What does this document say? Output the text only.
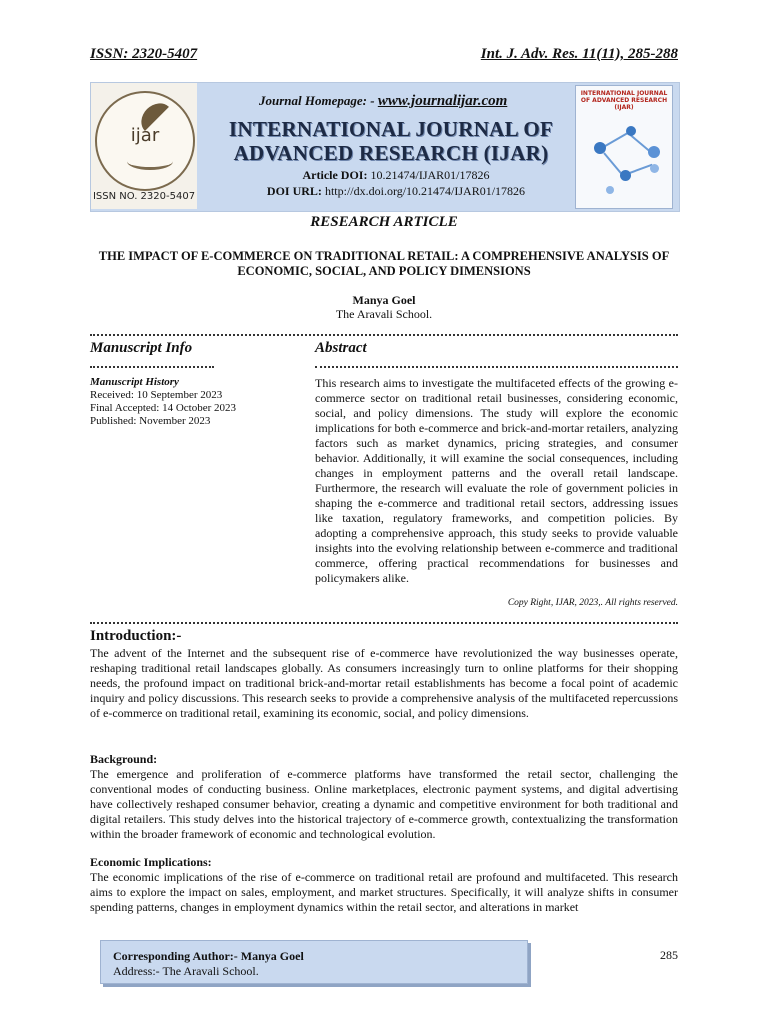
ISSN: 2320-5407	Int. J. Adv. Res. 11(11), 285-288
ijar
ISSN NO. 2320-5407
Journal Homepage: - www.journalijar.com
INTERNATIONAL JOURNAL OF ADVANCED RESEARCH (IJAR)
Article DOI: 10.21474/IJAR01/17826
DOI URL: http://dx.doi.org/10.21474/IJAR01/17826
INTERNATIONAL JOURNAL OF ADVANCED RESEARCH (IJAR)
RESEARCH ARTICLE
THE IMPACT OF E-COMMERCE ON TRADITIONAL RETAIL: A COMPREHENSIVE ANALYSIS OF ECONOMIC, SOCIAL, AND POLICY DIMENSIONS
Manya Goel
The Aravali School.
Manuscript Info
Manuscript History
Received: 10 September 2023
Final Accepted: 14 October 2023
Published: November 2023
Abstract
This research aims to investigate the multifaceted effects of the growing e-commerce sector on traditional retail businesses, considering economic, social, and policy dimensions. The study will explore the economic implications for both e-commerce and brick-and-mortar retailers, analyzing factors such as market dynamics, pricing strategies, and consumer behavior. Additionally, it will examine the social consequences, including changes in employment patterns and the overall retail landscape. Furthermore, the research will evaluate the role of government policies in shaping the e-commerce and traditional retail sectors, addressing issues like taxation, regulatory frameworks, and competition policies. By adopting a comprehensive approach, this study seeks to provide valuable insights into the evolving relationship between e-commerce and traditional commerce, offering practical recommendations for businesses and policymakers alike.
Copy Right, IJAR, 2023,. All rights reserved.
Introduction:-
The advent of the Internet and the subsequent rise of e-commerce have revolutionized the way businesses operate, reshaping traditional retail landscapes globally. As consumers increasingly turn to online platforms for their shopping needs, the profound impact on traditional brick-and-mortar retail establishments has become a focal point of academic inquiry and policy discussions. This research seeks to provide a comprehensive analysis of the multifaceted repercussions of e-commerce on traditional retail, examining its economic, social, and policy dimensions.
Background:
The emergence and proliferation of e-commerce platforms have transformed the retail sector, challenging the conventional modes of conducting business. Online marketplaces, electronic payment systems, and digital advertising have collectively reshaped consumer behavior, creating a dynamic and competitive environment for both traditional and digital retailers. This study delves into the historical trajectory of e-commerce growth, contextualizing the transformation within the broader framework of economic and technological evolution.
Economic Implications:
The economic implications of the rise of e-commerce on traditional retail are profound and multifaceted. This research aims to explore the impact on sales, employment, and market structures. Specifically, it will analyze shifts in consumer spending patterns, changes in employment dynamics within the retail sector, and alterations in market
Corresponding Author:- Manya Goel
Address:- The Aravali School.
285
